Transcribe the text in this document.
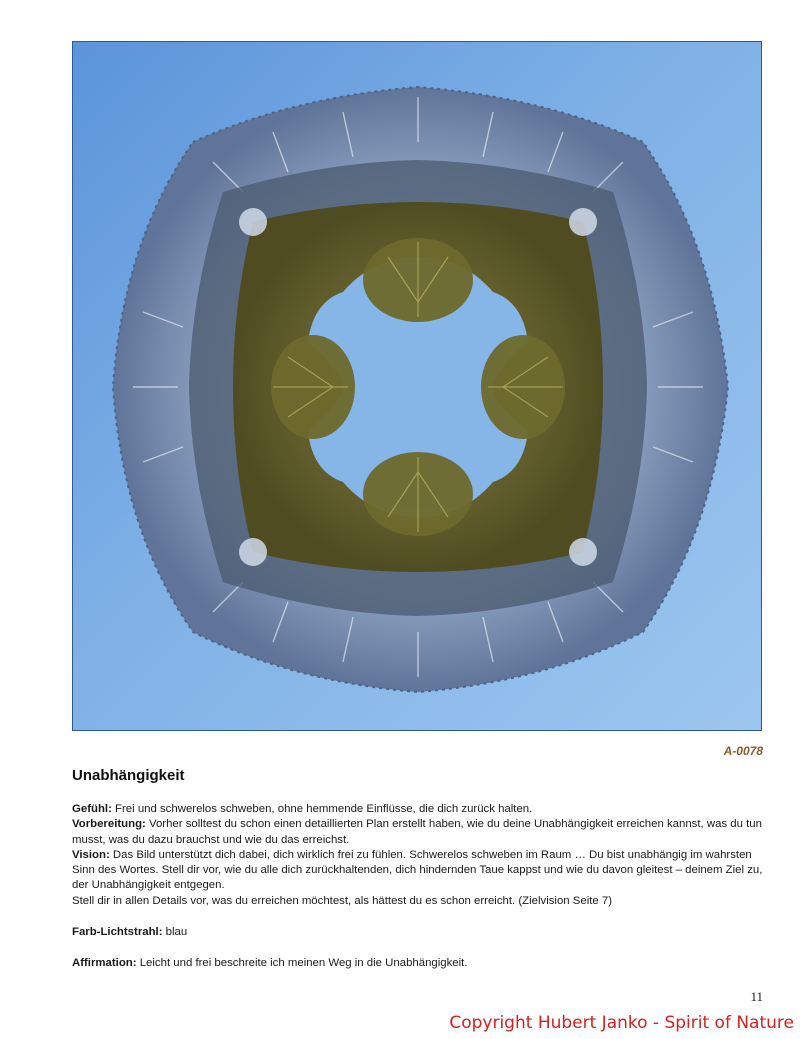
A-0078
Unabhängigkeit

Gefühl: Frei und schwerelos schweben, ohne hemmende Einflüsse, die dich zurück halten.

Vorbereitung: Vorher solltest du schon einen detaillierten Plan erstellt haben, wie du deine Unabhängigkeit erreichen kannst, was du tun musst, was du dazu brauchst und wie du das erreichst.

Vision: Das Bild unterstützt dich dabei, dich wirklich frei zu fühlen. Schwerelos schweben im Raum … Du bist unabhängig im wahrsten Sinn des Wortes. Stell dir vor, wie du alle dich zurückhaltenden, dich hindernden Taue kappst und wie du davon gleitest – deinem Ziel zu, der Unabhängigkeit entgegen.

Stell dir in allen Details vor, was du erreichen möchtest, als hättest du es schon erreicht. (Zielvision Seite 7)

Farb-Lichtstrahl: blau

Affirmation: Leicht und frei beschreite ich meinen Weg in die Unabhängigkeit.

11
Copyright Hubert Janko - Spirit of Nature
